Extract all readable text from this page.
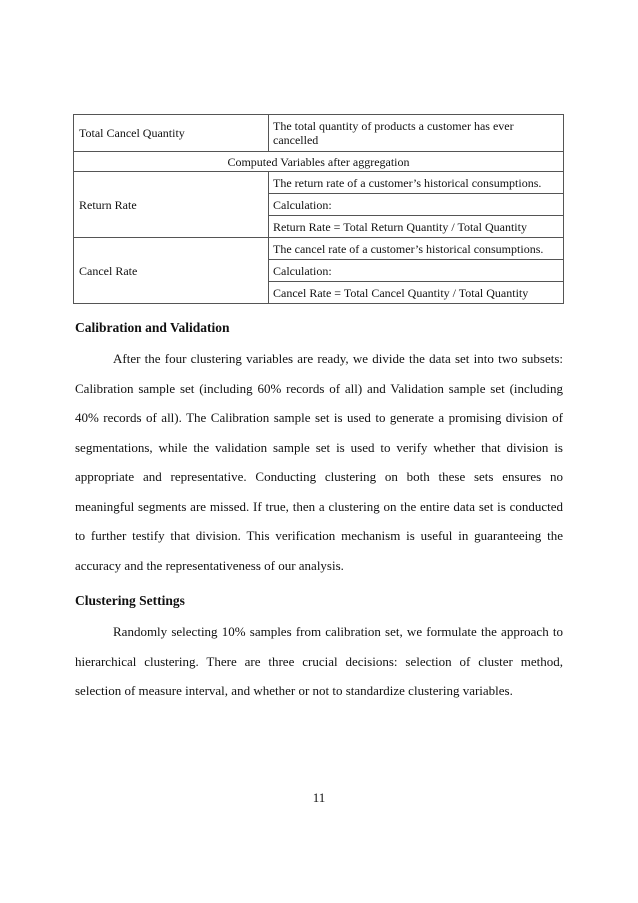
Total Cancel Quantity	The total quantity of products a customer has ever cancelled
Computed Variables after aggregation	
Return Rate	The return rate of a customer’s historical consumptions.
	Calculation:
	Return Rate = Total Return Quantity / Total Quantity
Cancel Rate	The cancel rate of a customer’s historical consumptions.
	Calculation:
	Cancel Rate = Total Cancel Quantity / Total Quantity
Calibration and Validation

After the four clustering variables are ready, we divide the data set into two subsets: Calibration sample set (including 60% records of all) and Validation sample set (including 40% records of all). The Calibration sample set is used to generate a promising division of segmentations, while the validation sample set is used to verify whether that division is appropriate and representative. Conducting clustering on both these sets ensures no meaningful segments are missed. If true, then a clustering on the entire data set is conducted to further testify that division. This verification mechanism is useful in guaranteeing the accuracy and the representativeness of our analysis.

Clustering Settings

Randomly selecting 10% samples from calibration set, we formulate the approach to hierarchical clustering. There are three crucial decisions: selection of cluster method, selection of measure interval, and whether or not to standardize clustering variables.

11
